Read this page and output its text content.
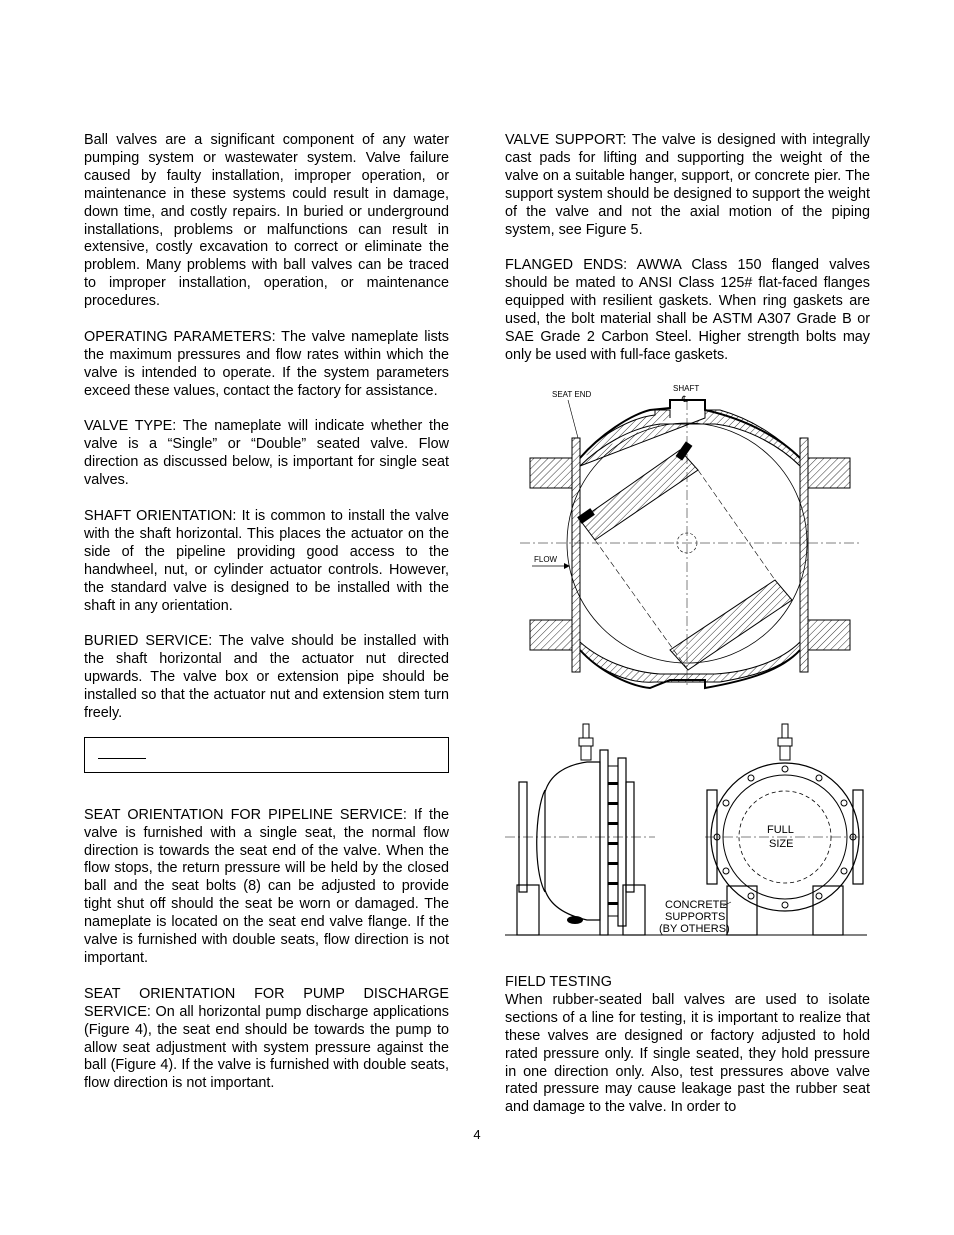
Ball valves are a significant component of any water pumping system or wastewater system. Valve failure caused by faulty installation, improper operation, or maintenance in these systems could result in damage, down time, and costly repairs. In buried or underground installations, problems or malfunctions can result in extensive, costly excavation to correct or eliminate the problem. Many problems with ball valves can be traced to improper installation, operation, or maintenance procedures.

OPERATING PARAMETERS: The valve nameplate lists the maximum pressures and flow rates within which the valve is intended to operate. If the system parameters exceed these values, contact the factory for assistance.

VALVE TYPE: The nameplate will indicate whether the valve is a “Single” or “Double” seated valve. Flow direction as discussed below, is important for single seat valves.

SHAFT ORIENTATION: It is common to install the valve with the shaft horizontal. This places the actuator on the side of the pipeline providing good access to the handwheel, nut, or cylinder actuator controls. However, the standard valve is designed to be installed with the shaft in any orientation.

BURIED SERVICE: The valve should be installed with the shaft horizontal and the actuator nut directed upwards. The valve box or extension pipe should be installed so that the actuator nut and extension stem turn freely.

SEAT ORIENTATION FOR PIPELINE SERVICE: If the valve is furnished with a single seat, the normal flow direction is towards the seat end of the valve. When the flow stops, the return pressure will be held by the closed ball and the seat bolts (8) can be adjusted to provide tight shut off should the seat be worn or damaged. The nameplate is located on the seat end valve flange. If the valve is furnished with double seats, flow direction is not important.

SEAT ORIENTATION FOR PUMP DISCHARGE SERVICE: On all horizontal pump discharge applications (Figure 4), the seat end should be towards the pump to allow seat adjustment with system pressure against the ball (Figure 4). If the valve is furnished with double seats, flow direction is not important.

VALVE SUPPORT: The valve is designed with integrally cast pads for lifting and supporting the weight of the valve on a suitable hanger, support, or concrete pier. The support system should be designed to support the weight of the valve and not the axial motion of the piping system, see Figure 5.

FLANGED ENDS: AWWA Class 150 flanged valves should be mated to ANSI Class 125# flat-faced flanges equipped with resilient gaskets. When ring gaskets are used, the bolt material shall be ASTM A307 Grade B or SAE Grade 2 Carbon Steel. Higher strength bolts may only be used with full-face gaskets.

FIELD TESTING

When rubber-seated ball valves are used to isolate sections of a line for testing, it is important to realize that these valves are designed or factory adjusted to hold rated pressure only. If single seated, they hold pressure in one direction only. Also, test pressures above valve rated pressure may cause leakage past the rubber seat and damage to the valve. In order to

SEAT END
SHAFT
℄
FLOW
FULL
SIZE
CONCRETE
SUPPORTS
(BY OTHERS)
4
